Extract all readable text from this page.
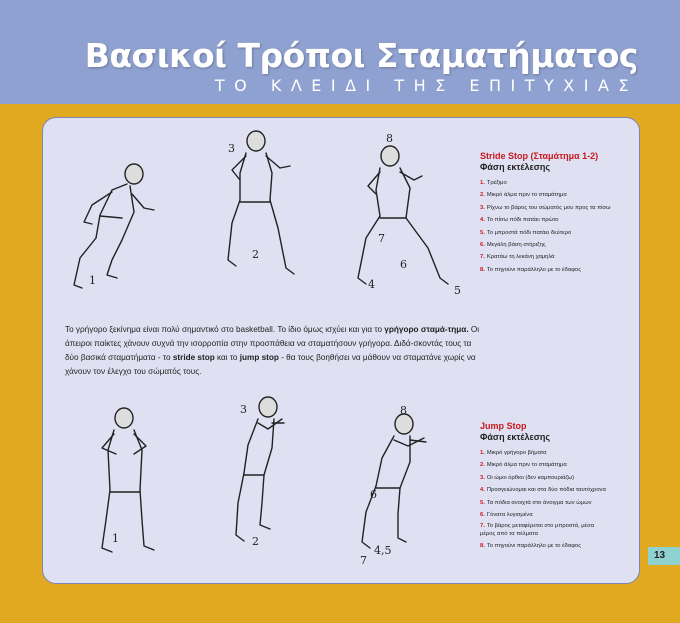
Βασικοί Τρόποι Σταματήματος
ΤΟ ΚΛΕΙΔΙ ΤΗΣ ΕΠΙΤΥΧΙΑΣ
1
3
2
8
7
4
6
5
Stride Stop (Σταμάτημα 1-2)
Φάση εκτέλεσης
1. Τρέξιμο
2. Μικρό άλμα πριν το σταμάτημα
3. Ρίχνω το βάρος του σώματός μου προς τα πίσω
4. Το πίσω πόδι πατάει πρώτο
5. Το μπροστά πόδι πατάει δεύτερο
6. Μεγάλη βάση στήριξης
7. Κρατάω τη λεκάνη χαμηλά
8. Το πηγούνι παράλληλο με το έδαφος
Το γρήγορο ξεκίνημα είναι πολύ σημαντικό στο basketball. Το ίδιο όμως ισχύει και για το γρήγορο σταμά-τημα. Οι άπειροι παίκτες χάνουν συχνά την ισορροπία στην προσπάθεια να σταματήσουν γρήγορα. Διδά-σκοντάς τους τα δύο βασικά σταματήματα - το stride stop και το jump stop - θα τους βοηθήσει να μάθουν να σταματάνε χωρίς να χάνουν τον έλεγχο του σώματός τους.
1
3
2
8
6
4,5
7
Jump Stop
Φάση εκτέλεσης
1. Μικρό γρήγορο βήματα
2. Μικρό άλμα πριν το σταμάτημα
3. Οι ώμοι όρθιοι (δεν καμπουριάζω)
4. Προσγειώνομαι και στα δύο πόδια ταυτόχρονα
5. Τα πόδια ανοιχτά στο άνοιγμα των ώμων
6. Γόνατα λυγισμένα
7. Το βάρος μεταφέρεται στο μπροστά, μέσα μέρος από τα πέλματα
8. Το πηγούνι παράλληλο με το έδαφος
13
